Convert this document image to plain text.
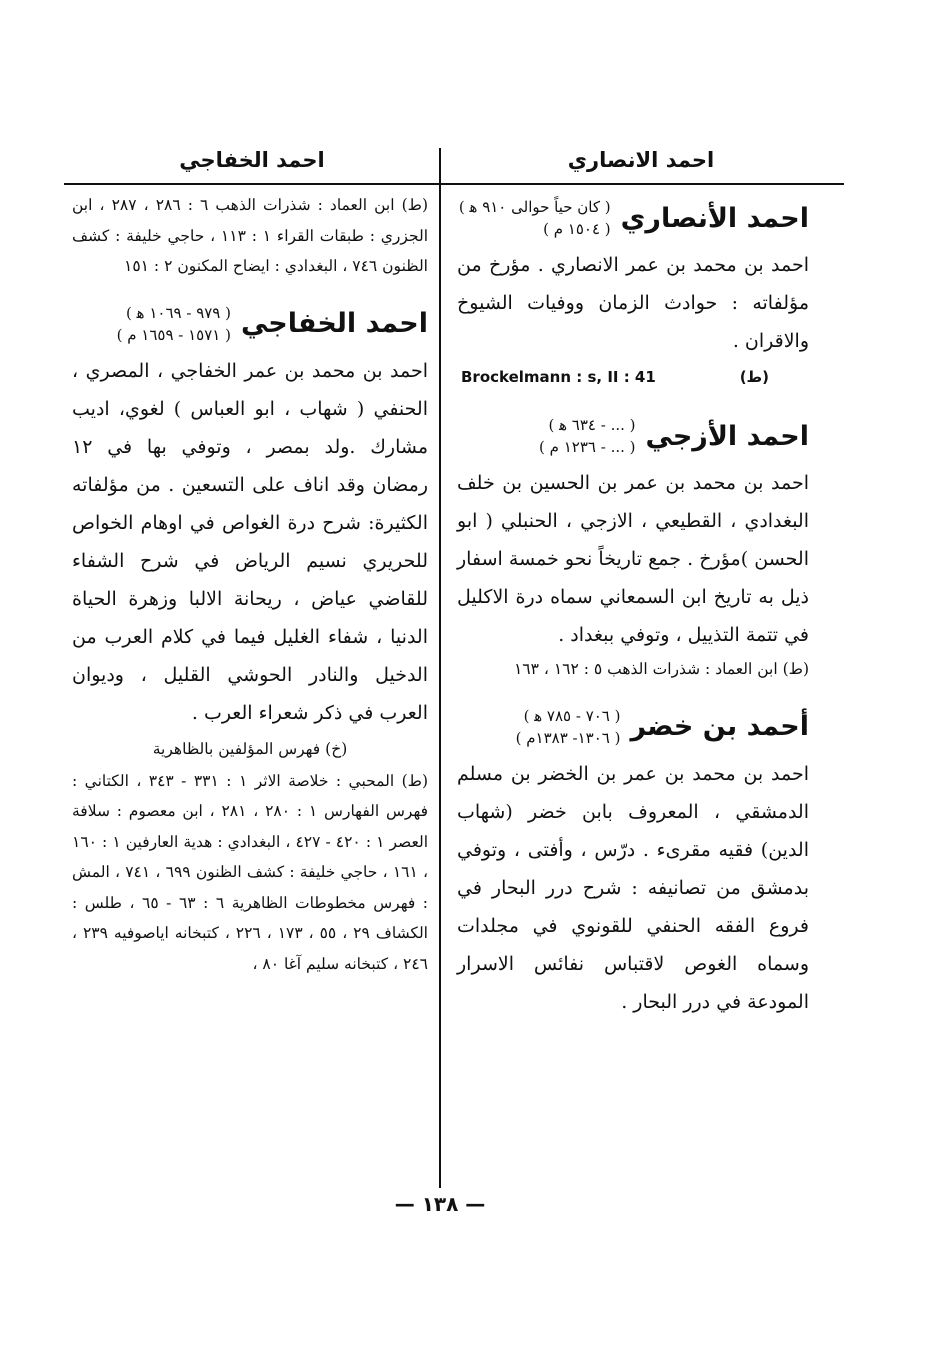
احمد الانصاري
احمد الخفاجي
احمد الأنصاري
( كان حياً حوالى ٩١٠ ﻫ )
( ١٥٠٤ م )

احمد بن محمد بن عمر الانصاري . مؤرخ من مؤلفاته : حوادث الزمان ووفيات الشيوخ والاقران .

Brockelmann : s, II : 41	(ط)
احمد الأزجي
( ... - ٦٣٤ ﻫ )
( ... - ١٢٣٦ م )

احمد بن محمد بن عمر بن الحسين بن خلف البغدادي ، القطيعي ، الازجي ، الحنبلي ( ابو الحسن )مؤرخ . جمع تاريخاً نحو خمسة اسفار ذيل به تاريخ ابن السمعاني سماه درة الاكليل في تتمة التذييل ، وتوفي ببغداد .

(ط) ابن العماد : شذرات الذهب ٥ : ١٦٢ ، ١٦٣

أحمد بن خضر
( ٧٠٦ - ٧٨٥ ﻫ )
( ١٣٠٦- ١٣٨٣م )

احمد بن محمد بن عمر بن الخضر بن مسلم الدمشقي ، المعروف بابن خضر (شهاب الدين) فقيه مقرىء . درّس ، وأفتى ، وتوفي بدمشق من تصانيفه : شرح درر البحار في فروع الفقه الحنفي للقونوي في مجلدات وسماه الغوص لاقتباس نفائس الاسرار المودعة في درر البحار .

(ط) ابن العماد : شذرات الذهب ٦ : ٢٨٦ ، ٢٨٧ ، ابن الجزري : طبقات القراء ١ : ١١٣ ، حاجي خليفة : كشف الظنون ٧٤٦ ، البغدادي : ايضاح المكنون ٢ : ١٥١

احمد الخفاجي
( ٩٧٩ - ١٠٦٩ ﻫ )
( ١٥٧١ - ١٦٥٩ م )

احمد بن محمد بن عمر الخفاجي ، المصري ، الحنفي ( شهاب ، ابو العباس ) لغوي، اديب مشارك .ولد بمصر ، وتوفي بها في ١٢ رمضان وقد اناف على التسعين . من مؤلفاته الكثيرة: شرح درة الغواص في اوهام الخواص للحريري نسيم الرياض في شرح الشفاء للقاضي عياض ، ريحانة الالبا وزهرة الحياة الدنيا ، شفاء الغليل فيما في كلام العرب من الدخيل والنادر الحوشي القليل ، وديوان العرب في ذكر شعراء العرب .

(خ) فهرس المؤلفين بالظاهرية

(ط) المحبي : خلاصة الاثر ١ : ٣٣١ - ٣٤٣ ، الكتاني : فهرس الفهارس ١ : ٢٨٠ ، ٢٨١ ، ابن معصوم : سلافة العصر ١ : ٤٢٠ - ٤٢٧ ، البغدادي : هدية العارفين ١ : ١٦٠ ، ١٦١ ، حاجي خليفة : كشف الظنون ٦٩٩ ، ٧٤١ ، المش : فهرس مخطوطات الظاهرية ٦ : ٦٣ - ٦٥ ، طلس : الكشاف ٢٩ ، ٥٥ ، ١٧٣ ، ٢٢٦ ، كتبخانه اياصوفيه ٢٣٩ ، ٢٤٦ ، كتبخانه سليم آغا ٨٠ ،

— ١٣٨ —
